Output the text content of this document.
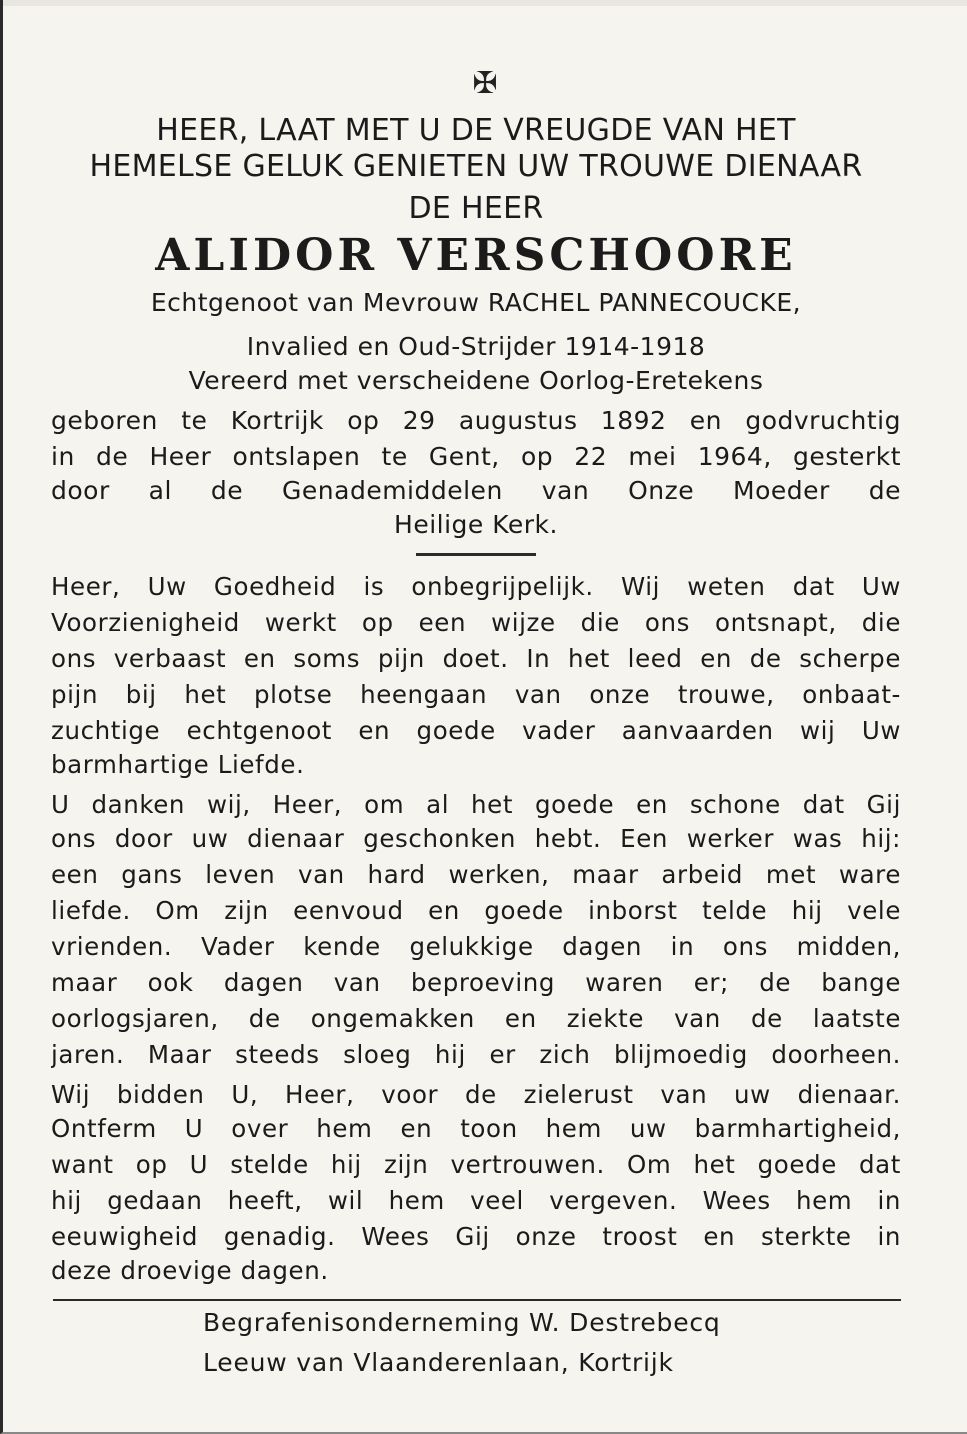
✠
HEER, LAAT MET U DE VREUGDE VAN HET
HEMELSE GELUK GENIETEN UW TROUWE DIENAAR
DE HEER
ALIDOR VERSCHOORE
Echtgenoot van Mevrouw RACHEL PANNECOUCKE,
Invalied en Oud-Strijder 1914-1918
Vereerd met verscheidene Oorlog-Eretekens
geboren te Kortrijk op 29 augustus 1892 en godvruchtig
in de Heer ontslapen te Gent, op 22 mei 1964, gesterkt
door al de Genademiddelen van Onze Moeder de
Heilige Kerk.
Heer, Uw Goedheid is onbegrijpelijk. Wij weten dat Uw
Voorzienigheid werkt op een wijze die ons ontsnapt, die
ons verbaast en soms pijn doet. In het leed en de scherpe
pijn bij het plotse heengaan van onze trouwe, onbaat-
zuchtige echtgenoot en goede vader aanvaarden wij Uw
barmhartige Liefde.
U danken wij, Heer, om al het goede en schone dat Gij
ons door uw dienaar geschonken hebt. Een werker was hij:
een gans leven van hard werken, maar arbeid met ware
liefde. Om zijn eenvoud en goede inborst telde hij vele
vrienden. Vader kende gelukkige dagen in ons midden,
maar ook dagen van beproeving waren er; de bange
oorlogsjaren, de ongemakken en ziekte van de laatste
jaren. Maar steeds sloeg hij er zich blijmoedig doorheen.
Wij bidden U, Heer, voor de zielerust van uw dienaar.
Ontferm U over hem en toon hem uw barmhartigheid,
want op U stelde hij zijn vertrouwen. Om het goede dat
hij gedaan heeft, wil hem veel vergeven. Wees hem in
eeuwigheid genadig. Wees Gij onze troost en sterkte in
deze droevige dagen.
Begrafenisonderneming W. Destrebecq
Leeuw van Vlaanderenlaan, Kortrijk
